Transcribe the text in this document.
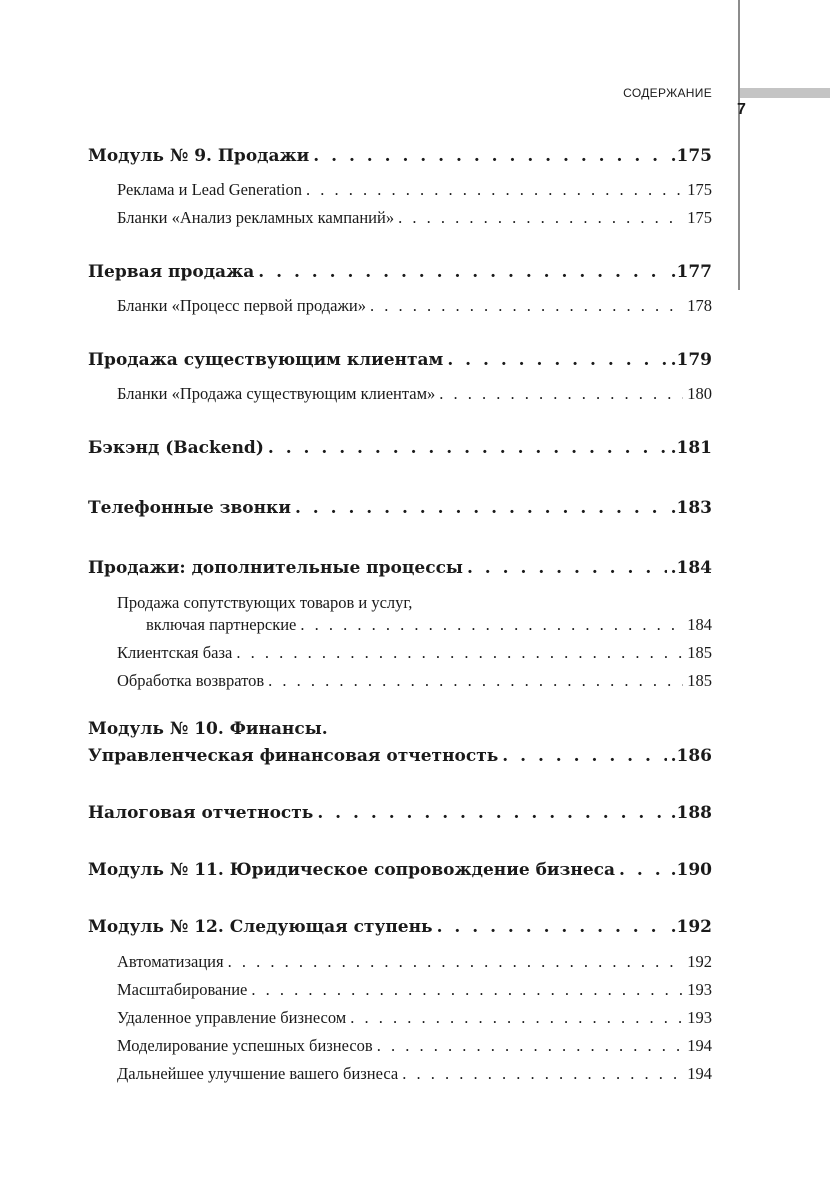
СОДЕРЖАНИЕ
7
Модуль № 9. Продажи . . .	.175
Реклама и Lead Generation . . .	175
Бланки «Анализ рекламных кампаний» . . .	175
Первая продажа . . .	.177
Бланки «Процесс первой продажи» . . .	178
Продажа существующим клиентам . . .	.179
Бланки «Продажа существующим клиентам» . . .	180
Бэкэнд (Backend) . . .	.181
Телефонные звонки . . .	.183
Продажи: дополнительные процессы . . .	.184
Продажа сопутствующих товаров и услуг,
включая партнерские . . .	184
Клиентская база . . .	185
Обработка возвратов . . .	185
Модуль № 10. Финансы.
Управленческая финансовая отчетность . . .	.186
Налоговая отчетность . . .	.188
Модуль № 11. Юридическое сопровождение бизнеса . . .	.190
Модуль № 12. Следующая ступень . . .	.192
Автоматизация . . .	192
Масштабирование . . .	193
Удаленное управление бизнесом . . .	193
Моделирование успешных бизнесов . . .	194
Дальнейшее улучшение вашего бизнеса . . .	194
